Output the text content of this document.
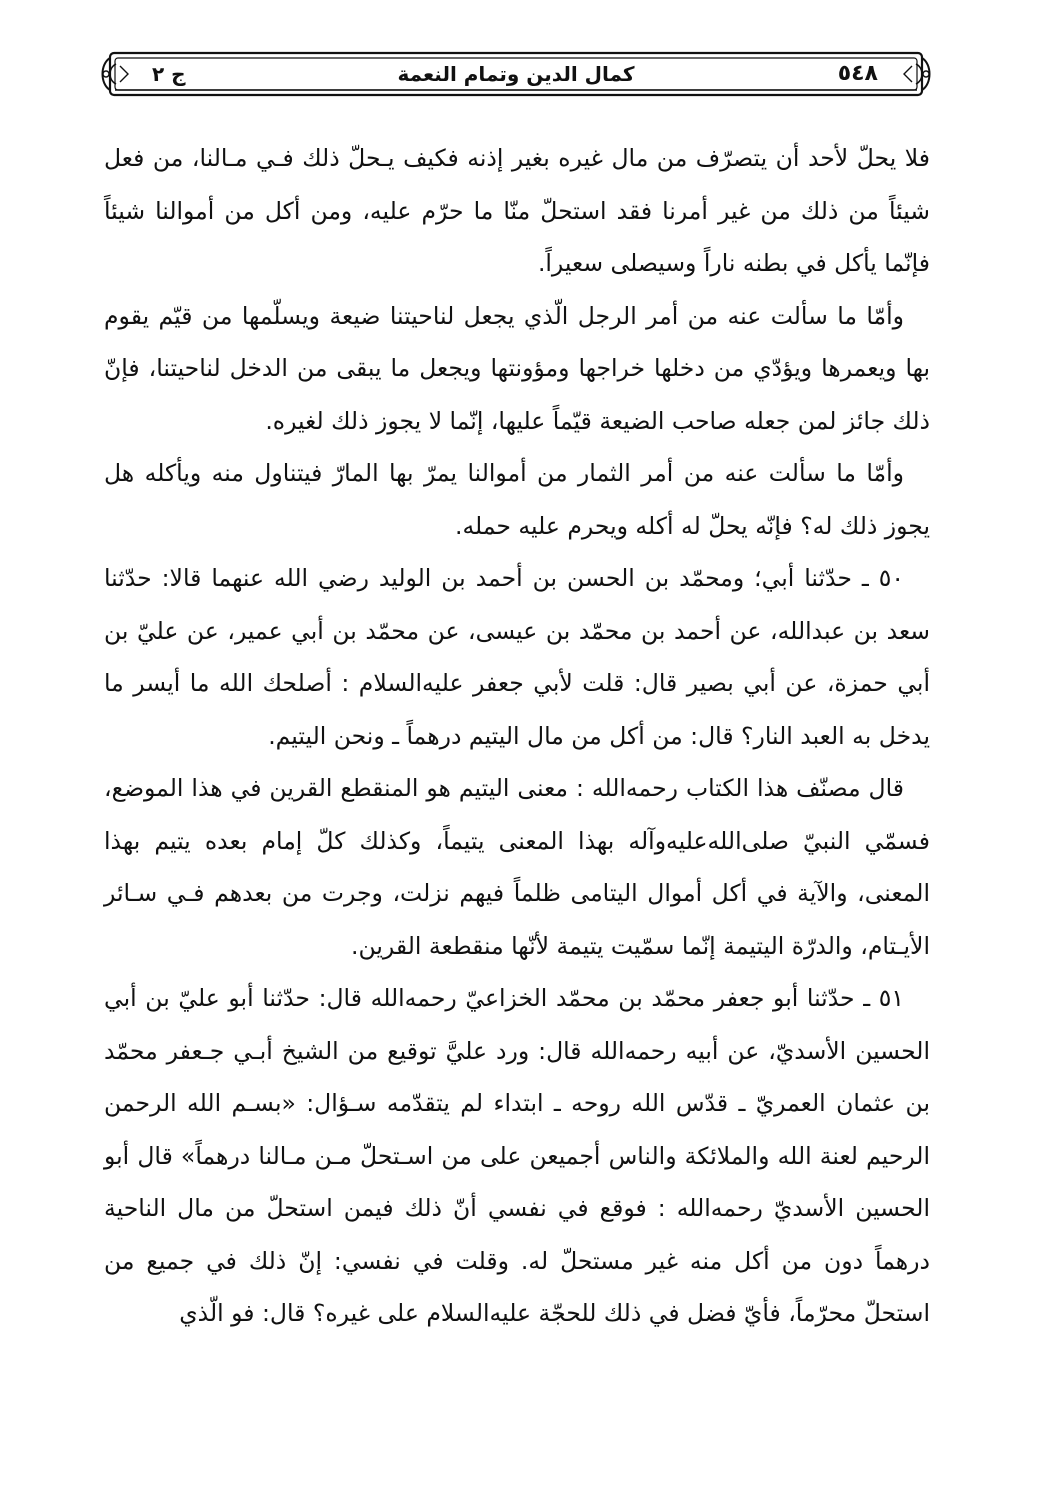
٥٤٨
كمال الدين وتمام النعمة
ج ٢

فلا يحلّ لأحد أن يتصرّف من مال غيره بغير إذنه فكيف يـحلّ ذلك فـي مـالنا، من فعل شيئاً من ذلك من غير أمرنا فقد استحلّ منّا ما حرّم عليه، ومن أكل من أموالنا شيئاً فإنّما يأكل في بطنه ناراً وسيصلى سعيراً.

وأمّا ما سألت عنه من أمر الرجل الّذي يجعل لناحيتنا ضيعة ويسلّمها من قيّم يقوم بها ويعمرها ويؤدّي من دخلها خراجها ومؤونتها ويجعل ما يبقى من الدخل لناحيتنا، فإنّ ذلك جائز لمن جعله صاحب الضيعة قيّماً عليها، إنّما لا يجوز ذلك لغيره.

وأمّا ما سألت عنه من أمر الثمار من أموالنا يمرّ بها المارّ فيتناول منه ويأكله هل يجوز ذلك له؟ فإنّه يحلّ له أكله ويحرم عليه حمله.

٥٠ ـ حدّثنا أبي؛ ومحمّد بن الحسن بن أحمد بن الوليد رضي الله عنهما قالا: حدّثنا سعد بن عبدالله، عن أحمد بن محمّد بن عيسى، عن محمّد بن أبي عمير، عن عليّ بن أبي حمزة، عن أبي بصير قال: قلت لأبي جعفر عليه‌السلام : أصلحك الله ما أيسر ما يدخل به العبد النار؟ قال: من أكل من مال اليتيم درهماً ـ ونحن اليتيم.

قال مصنّف هذا الكتاب رحمه‌الله : معنى اليتيم هو المنقطع القرين في هذا الموضع، فسمّي النبيّ صلى‌الله‌عليه‌وآله بهذا المعنى يتيماً، وكذلك كلّ إمام بعده يتيم بهذا المعنى، والآية في أكل أموال اليتامى ظلماً فيهم نزلت، وجرت من بعدهم فـي سـائر الأيـتام، والدرّة اليتيمة إنّما سمّيت يتيمة لأنّها منقطعة القرين.

٥١ ـ حدّثنا أبو جعفر محمّد بن محمّد الخزاعيّ رحمه‌الله قال: حدّثنا أبو عليّ بن أبي الحسين الأسديّ، عن أبيه رحمه‌الله قال: ورد عليَّ توقيع من الشيخ أبـي جـعفر محمّد بن عثمان العمريّ ـ قدّس الله روحه ـ ابتداء لم يتقدّمه سـؤال: «بسـم الله الرحمن الرحيم لعنة الله والملائكة والناس أجميعن على من اسـتحلّ مـن مـالنا درهماً» قال أبو الحسين الأسديّ رحمه‌الله : فوقع في نفسي أنّ ذلك فيمن استحلّ من مال الناحية درهماً دون من أكل منه غير مستحلّ له. وقلت في نفسي: إنّ ذلك في جميع من استحلّ محرّماً، فأيّ فضل في ذلك للحجّة عليه‌السلام على غيره؟ قال: فو الّذي
